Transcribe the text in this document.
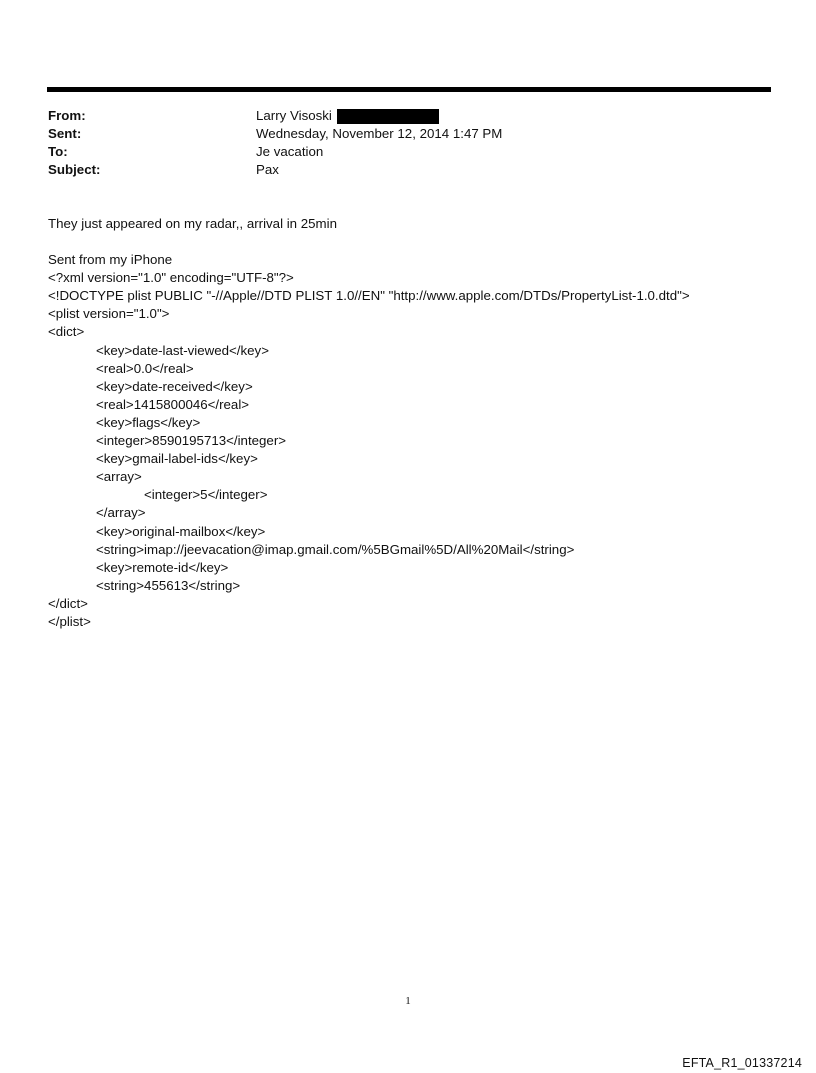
From:	Larry Visoski
Sent:	Wednesday, November 12, 2014 1:47 PM
To:	Je vacation
Subject:	Pax
They just appeared on my radar,, arrival in 25min
Sent from my iPhone
<?xml version="1.0" encoding="UTF-8"?>
<!DOCTYPE plist PUBLIC "-//Apple//DTD PLIST 1.0//EN" "http://www.apple.com/DTDs/PropertyList-1.0.dtd">
<plist version="1.0">
<dict>
<key>date-last-viewed</key>
<real>0.0</real>
<key>date-received</key>
<real>1415800046</real>
<key>flags</key>
<integer>8590195713</integer>
<key>gmail-label-ids</key>
<array>
<integer>5</integer>
</array>
<key>original-mailbox</key>
<string>imap://jeevacation@imap.gmail.com/%5BGmail%5D/All%20Mail</string>
<key>remote-id</key>
<string>455613</string>
</dict>
</plist>
1
EFTA_R1_01337214
